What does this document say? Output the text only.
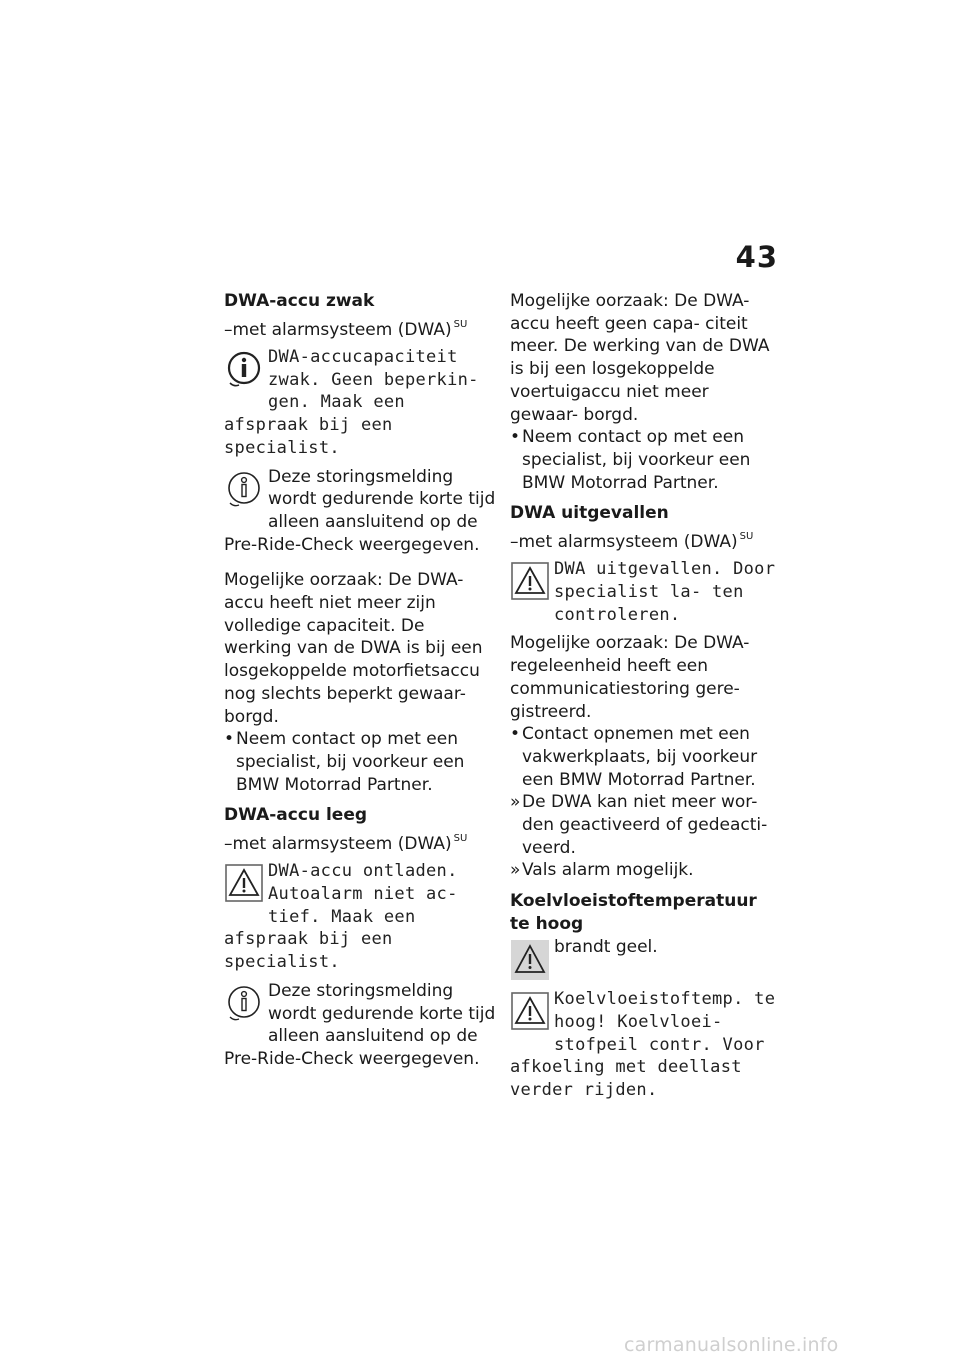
43
DWA-accu zwak

–met alarmsysteem (DWA) $^{SU}$

DWA-accucapaciteit zwak. Geen beperkin- gen. Maak een afspraak bij een specialist.

Deze storingsmelding wordt gedurende korte tijd alleen aansluitend op de Pre-Ride-Check weergegeven.

Mogelijke oorzaak: De DWA-accu heeft niet meer zijn volledige capaciteit. De werking van de DWA is bij een losgekoppelde motorfietsaccu nog slechts beperkt gewaar- borgd.

• Neem contact op met een specialist, bij voorkeur een BMW Motorrad Partner.
DWA-accu leeg

–met alarmsysteem (DWA) $^{SU}$

DWA-accu ontladen. Autoalarm niet ac- tief. Maak een afspraak bij een specialist.

Deze storingsmelding wordt gedurende korte tijd alleen aansluitend op de Pre-Ride-Check weergegeven.

Mogelijke oorzaak: De DWA-accu heeft geen capa- citeit meer. De werking van de DWA is bij een losgekoppelde voertuigaccu niet meer gewaar- borgd.

• Neem contact op met een specialist, bij voorkeur een BMW Motorrad Partner.
DWA uitgevallen

–met alarmsysteem (DWA) $^{SU}$

DWA uitgevallen. Door specialist la- ten controleren.

Mogelijke oorzaak: De DWA-regeleenheid heeft een communicatiestoring gere- gistreerd.

• Contact opnemen met een vakwerkplaats, bij voorkeur een BMW Motorrad Partner.
» De DWA kan niet meer wor- den geactiveerd of gedeacti- veerd.
» Vals alarm mogelijk.
Koelvloeistoftemperatuur te hoog

brandt geel.

Koelvloeistoftemp. te hoog! Koelvloei- stofpeil contr. Voor afkoeling met deellast verder rijden.

carmanualsonline.info
